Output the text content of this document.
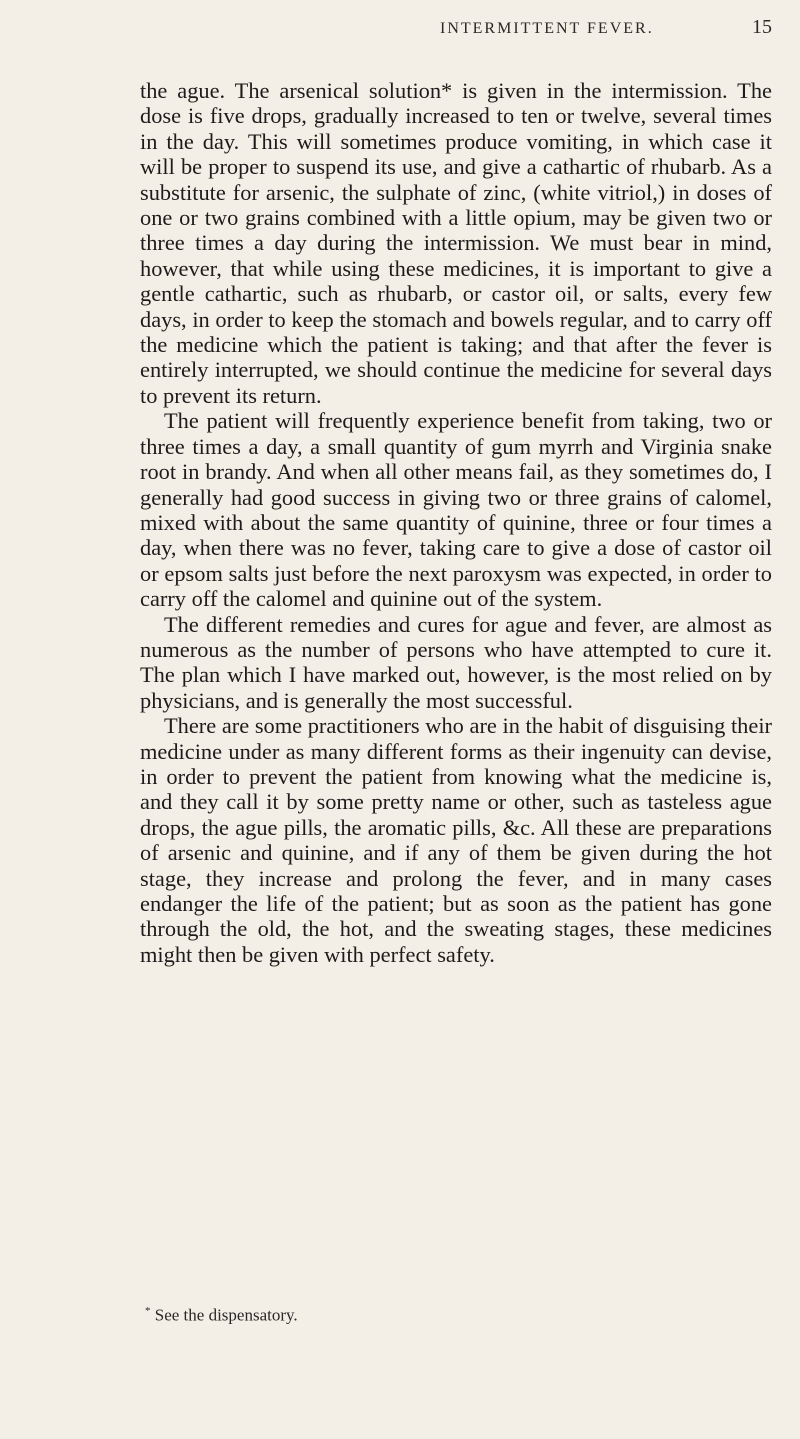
INTERMITTENT FEVER.	15

the ague. The arsenical solution* is given in the intermission. The dose is five drops, gradually increased to ten or twelve, several times in the day. This will sometimes produce vomiting, in which case it will be proper to suspend its use, and give a cathartic of rhubarb. As a substitute for arsenic, the sulphate of zinc, (white vitriol,) in doses of one or two grains combined with a little opium, may be given two or three times a day during the intermission. We must bear in mind, however, that while using these medicines, it is important to give a gentle cathartic, such as rhubarb, or castor oil, or salts, every few days, in order to keep the stomach and bowels regular, and to carry off the medicine which the patient is taking; and that after the fever is entirely interrupted, we should continue the medicine for several days to prevent its return.

The patient will frequently experience benefit from taking, two or three times a day, a small quantity of gum myrrh and Virginia snake root in brandy. And when all other means fail, as they sometimes do, I generally had good success in giving two or three grains of calomel, mixed with about the same quantity of quinine, three or four times a day, when there was no fever, taking care to give a dose of castor oil or epsom salts just before the next paroxysm was expected, in order to carry off the calomel and quinine out of the system.

The different remedies and cures for ague and fever, are almost as numerous as the number of persons who have attempted to cure it. The plan which I have marked out, however, is the most relied on by physicians, and is generally the most successful.

There are some practitioners who are in the habit of disguising their medicine under as many different forms as their ingenuity can devise, in order to prevent the patient from knowing what the medicine is, and they call it by some pretty name or other, such as tasteless ague drops, the ague pills, the aromatic pills, &c. All these are preparations of arsenic and quinine, and if any of them be given during the hot stage, they increase and prolong the fever, and in many cases endanger the life of the patient; but as soon as the patient has gone through the old, the hot, and the sweating stages, these medicines might then be given with perfect safety.

* See the dispensatory.
